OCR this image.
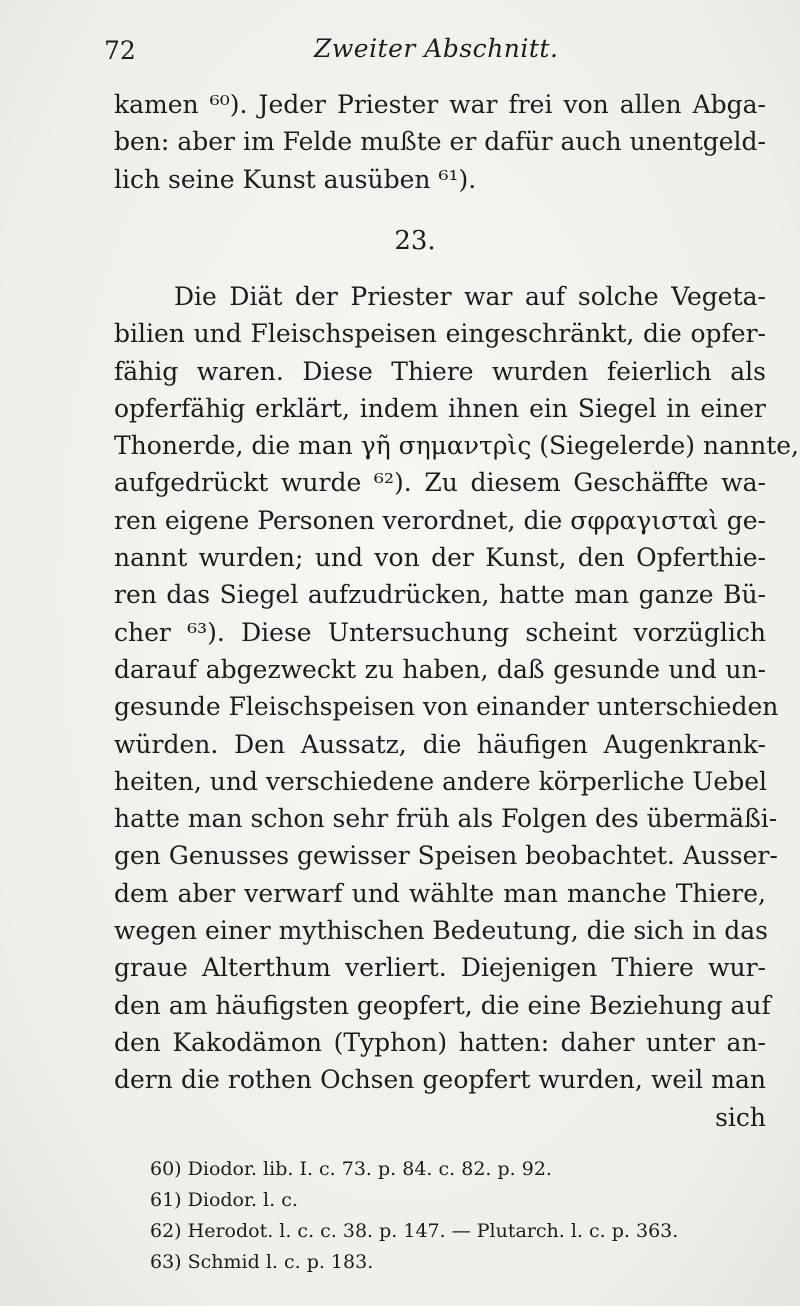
72	Zweiter Abschnitt.
kamen ⁶⁰). Jeder Priester war frei von allen Abga-
ben: aber im Felde mußte er dafür auch unentgeld-
lich seine Kunst ausüben ⁶¹).
23.
Die Diät der Priester war auf solche Vegeta-
bilien und Fleischspeisen eingeschränkt, die opfer-
fähig waren. Diese Thiere wurden feierlich als
opferfähig erklärt, indem ihnen ein Siegel in einer
Thonerde, die man γῆ σημαντρὶς (Siegelerde) nannte,
aufgedrückt wurde ⁶²). Zu diesem Geschäffte wa-
ren eigene Personen verordnet, die σφραγισταὶ ge-
nannt wurden; und von der Kunst, den Opferthie-
ren das Siegel aufzudrücken, hatte man ganze Bü-
cher ⁶³). Diese Untersuchung scheint vorzüglich
darauf abgezweckt zu haben, daß gesunde und un-
gesunde Fleischspeisen von einander unterschieden
würden. Den Aussatz, die häufigen Augenkrank-
heiten, und verschiedene andere körperliche Uebel
hatte man schon sehr früh als Folgen des übermäßi-
gen Genusses gewisser Speisen beobachtet. Ausser-
dem aber verwarf und wählte man manche Thiere,
wegen einer mythischen Bedeutung, die sich in das
graue Alterthum verliert. Diejenigen Thiere wur-
den am häufigsten geopfert, die eine Beziehung auf
den Kakodämon (Typhon) hatten: daher unter an-
dern die rothen Ochsen geopfert wurden, weil man
sich
60) Diodor. lib. I. c. 73. p. 84. c. 82. p. 92.
61) Diodor. l. c.
62) Herodot. l. c. c. 38. p. 147. — Plutarch. l. c. p. 363.
63) Schmid l. c. p. 183.
